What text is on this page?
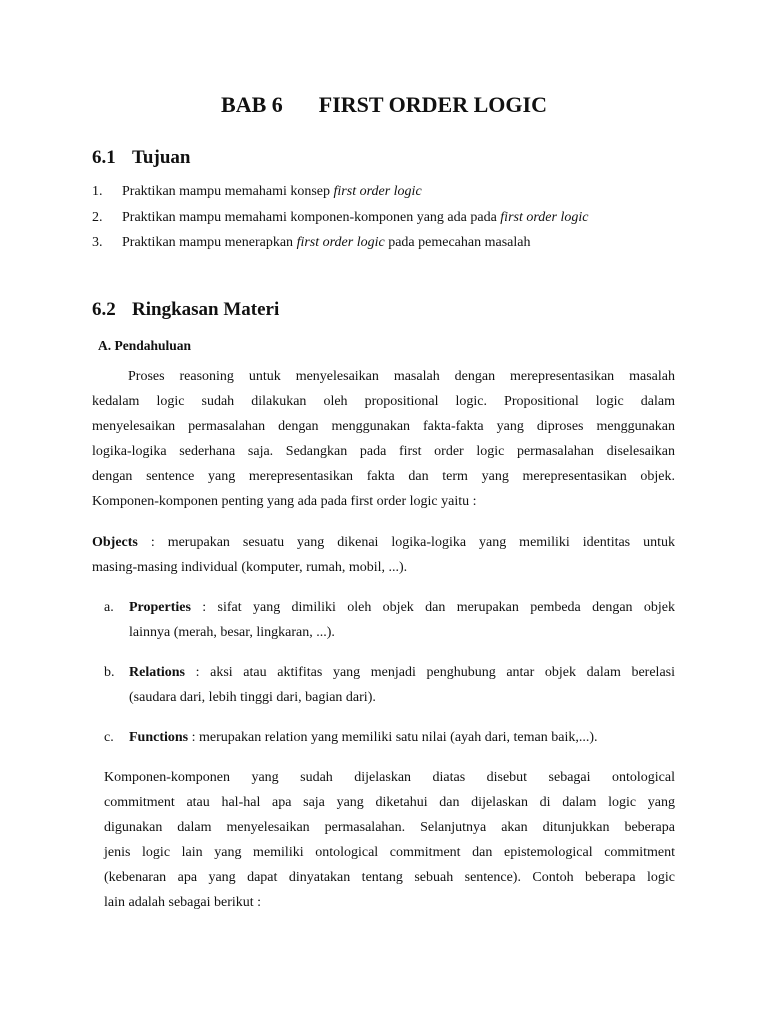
BAB 6 FIRST ORDER LOGIC
6.1 Tujuan
1. Praktikan mampu memahami konsep first order logic
2. Praktikan mampu memahami komponen-komponen yang ada pada first order logic
3. Praktikan mampu menerapkan first order logic pada pemecahan masalah
6.2 Ringkasan Materi
A. Pendahuluan
Proses reasoning untuk menyelesaikan masalah dengan merepresentasikan masalah
kedalam logic sudah dilakukan oleh propositional logic. Propositional logic dalam
menyelesaikan permasalahan dengan menggunakan fakta-fakta yang diproses menggunakan
logika-logika sederhana saja. Sedangkan pada first order logic permasalahan diselesaikan
dengan sentence yang merepresentasikan fakta dan term yang merepresentasikan objek.
Komponen-komponen penting yang ada pada first order logic yaitu :
Objects : merupakan sesuatu yang dikenai logika-logika yang memiliki identitas untuk
masing-masing individual (komputer, rumah, mobil, ...).
a. Properties : sifat yang dimiliki oleh objek dan merupakan pembeda dengan objek
lainnya (merah, besar, lingkaran, ...).
b. Relations : aksi atau aktifitas yang menjadi penghubung antar objek dalam berelasi
(saudara dari, lebih tinggi dari, bagian dari).
c. Functions : merupakan relation yang memiliki satu nilai (ayah dari, teman baik,...).
Komponen-komponen yang sudah dijelaskan diatas disebut sebagai ontological
commitment atau hal-hal apa saja yang diketahui dan dijelaskan di dalam logic yang
digunakan dalam menyelesaikan permasalahan. Selanjutnya akan ditunjukkan beberapa
jenis logic lain yang memiliki ontological commitment dan epistemological commitment
(kebenaran apa yang dapat dinyatakan tentang sebuah sentence). Contoh beberapa logic
lain adalah sebagai berikut :
